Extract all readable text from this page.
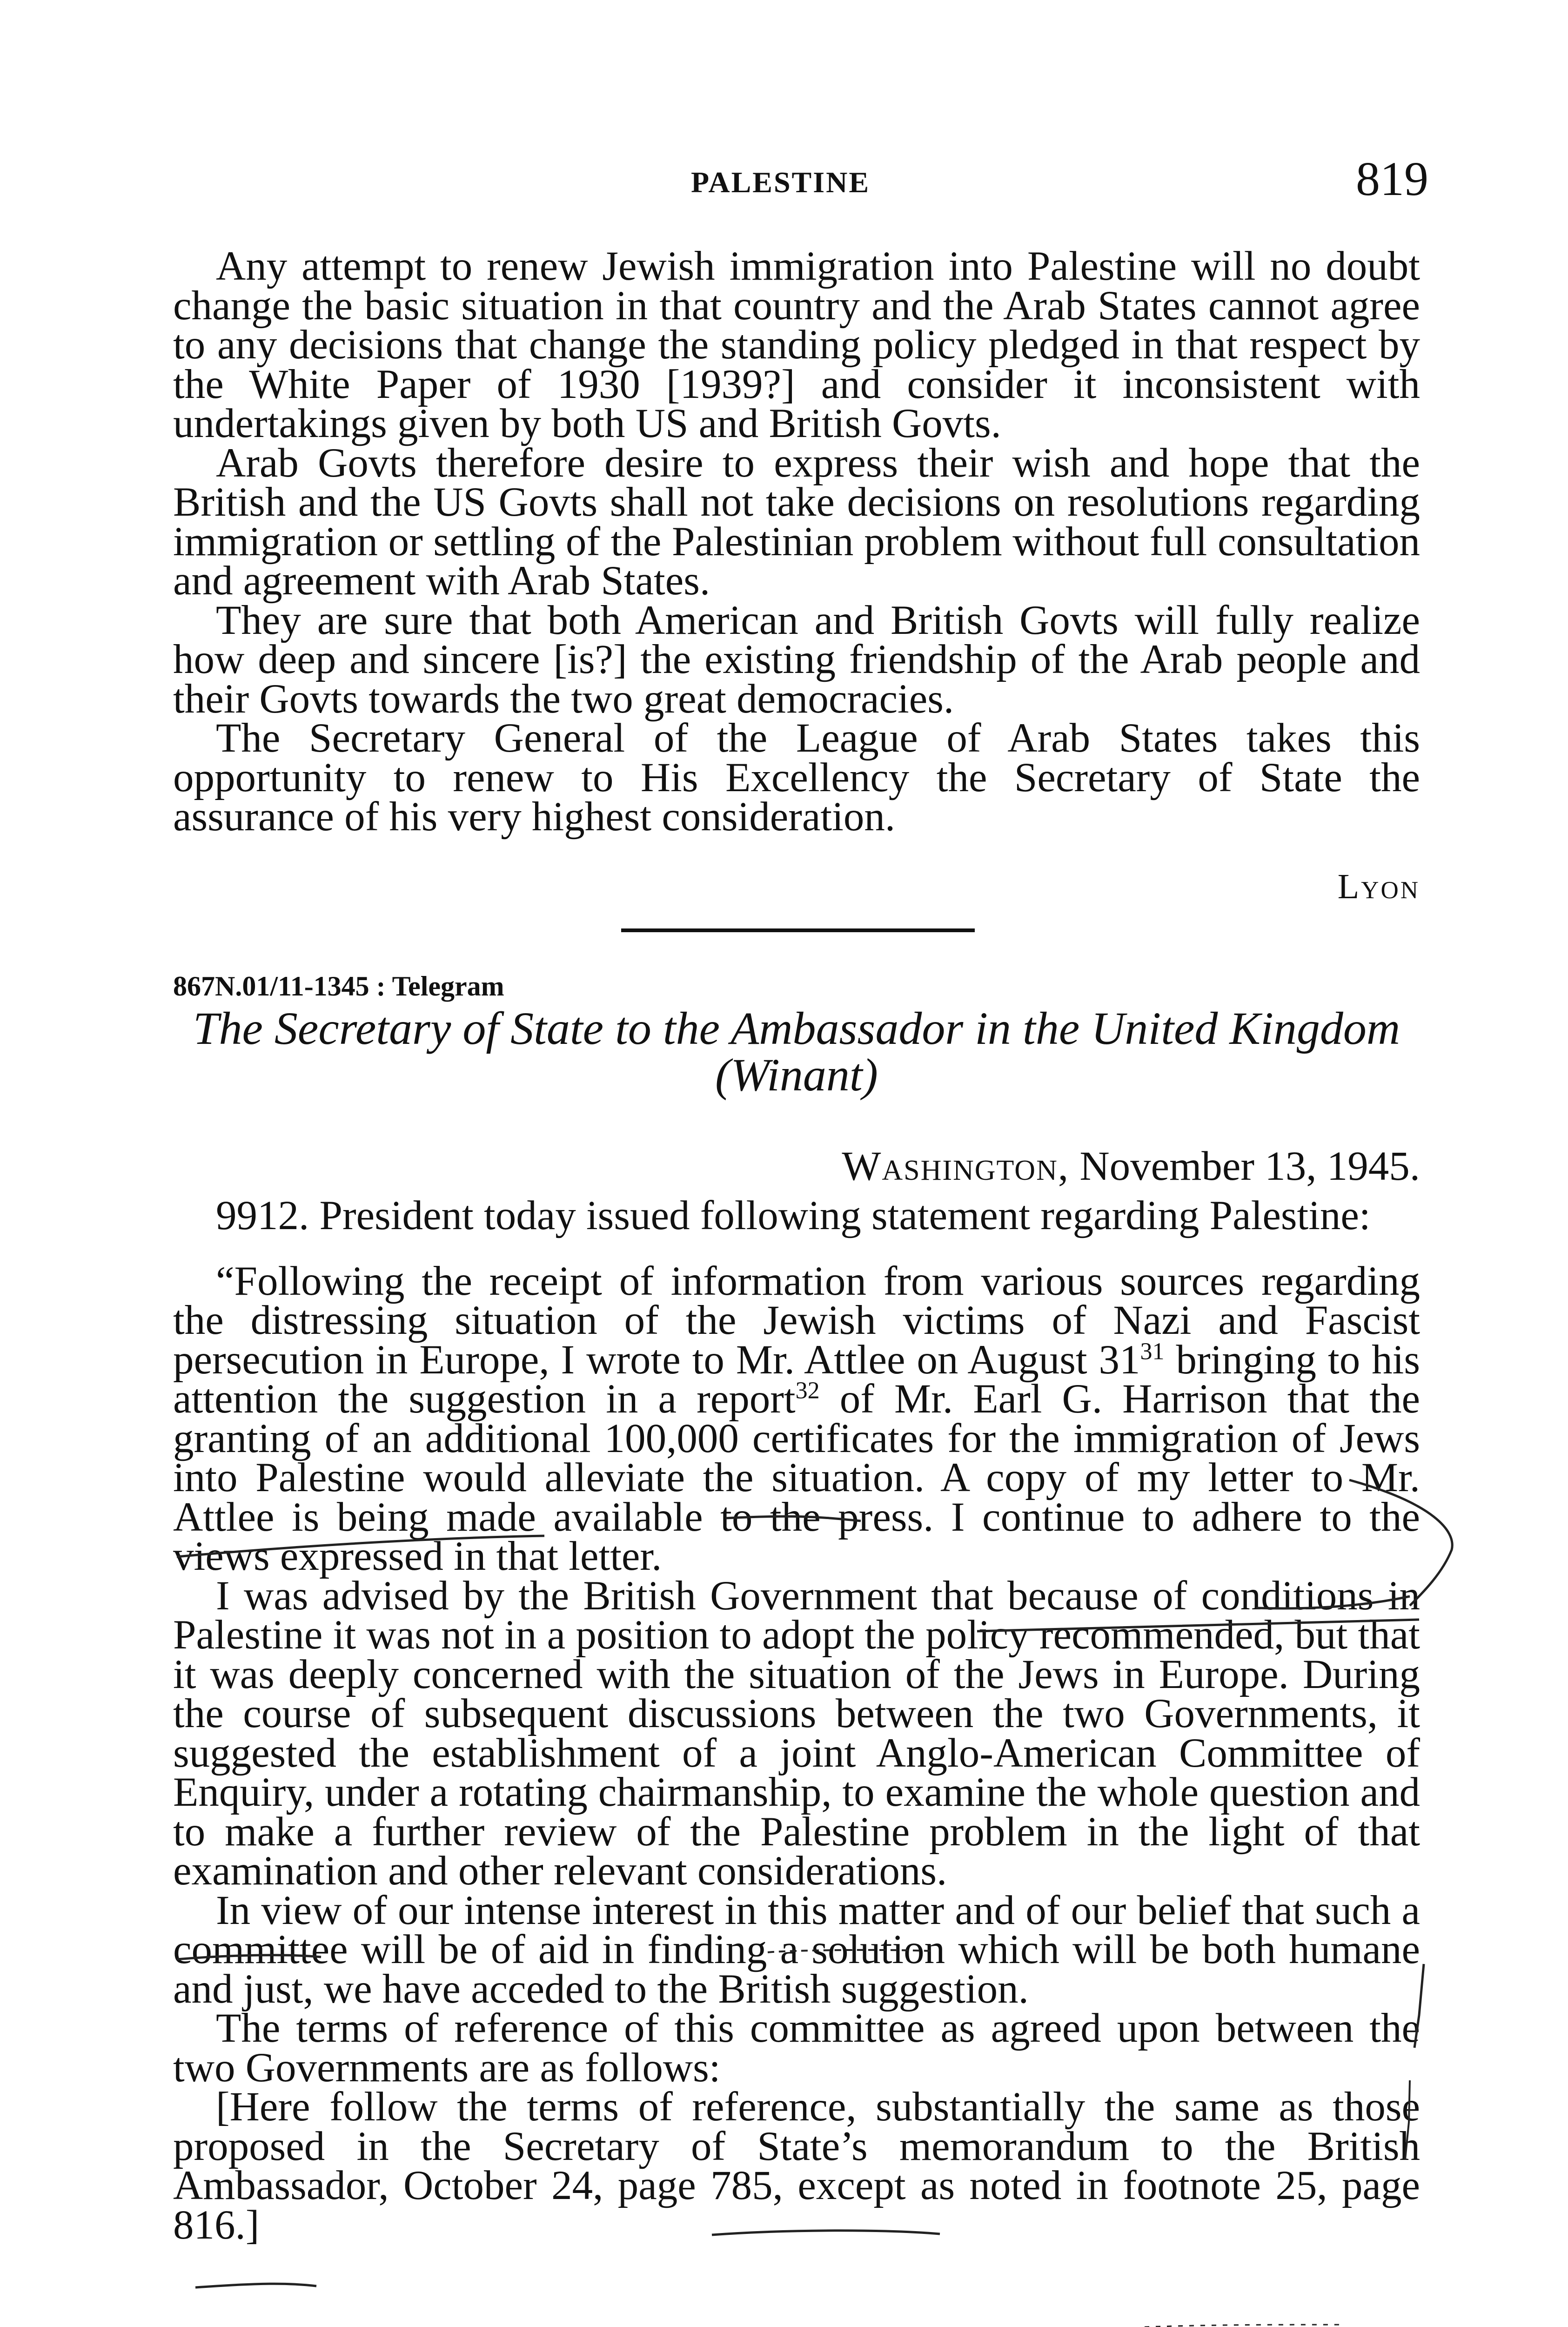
PALESTINE	819

Any attempt to renew Jewish immigration into Palestine will no doubt change the basic situation in that country and the Arab States cannot agree to any decisions that change the standing policy pledged in that respect by the White Paper of 1930 [1939?] and consider it inconsistent with undertakings given by both US and British Govts.

Arab Govts therefore desire to express their wish and hope that the British and the US Govts shall not take decisions on resolutions regarding immigration or settling of the Palestinian problem without full consultation and agreement with Arab States.

They are sure that both American and British Govts will fully realize how deep and sincere [is?] the existing friendship of the Arab people and their Govts towards the two great democracies.

The Secretary General of the League of Arab States takes this opportunity to renew to His Excellency the Secretary of State the assurance of his very highest consideration.

Lyon
867N.01/11-1345 : Telegram
The Secretary of State to the Ambassador in the United Kingdom
(Winant)
Washington, November 13, 1945.

9912. President today issued following statement regarding Palestine:

“Following the receipt of information from various sources regarding the distressing situation of the Jewish victims of Nazi and Fascist persecution in Europe, I wrote to Mr. Attlee on August 31$^{31}$ bringing to his attention the suggestion in a report$^{32}$ of Mr. Earl G. Harrison that the granting of an additional 100,000 certificates for the immigration of Jews into Palestine would alleviate the situation. A copy of my letter to Mr. Attlee is being made available to the press. I continue to adhere to the views expressed in that letter.

I was advised by the British Government that because of conditions in Palestine it was not in a position to adopt the policy recommended, but that it was deeply concerned with the situation of the Jews in Europe. During the course of subsequent discussions between the two Governments, it suggested the establishment of a joint Anglo-American Committee of Enquiry, under a rotating chairmanship, to examine the whole question and to make a further review of the Palestine problem in the light of that examination and other relevant considerations.

In view of our intense interest in this matter and of our belief that such a committee will be of aid in finding a solution which will be both humane and just, we have acceded to the British suggestion.

The terms of reference of this committee as agreed upon between the two Governments are as follows:

[Here follow the terms of reference, substantially the same as those proposed in the Secretary of State’s memorandum to the British Ambassador, October 24, page 785, except as noted in footnote 25, page 816.]
